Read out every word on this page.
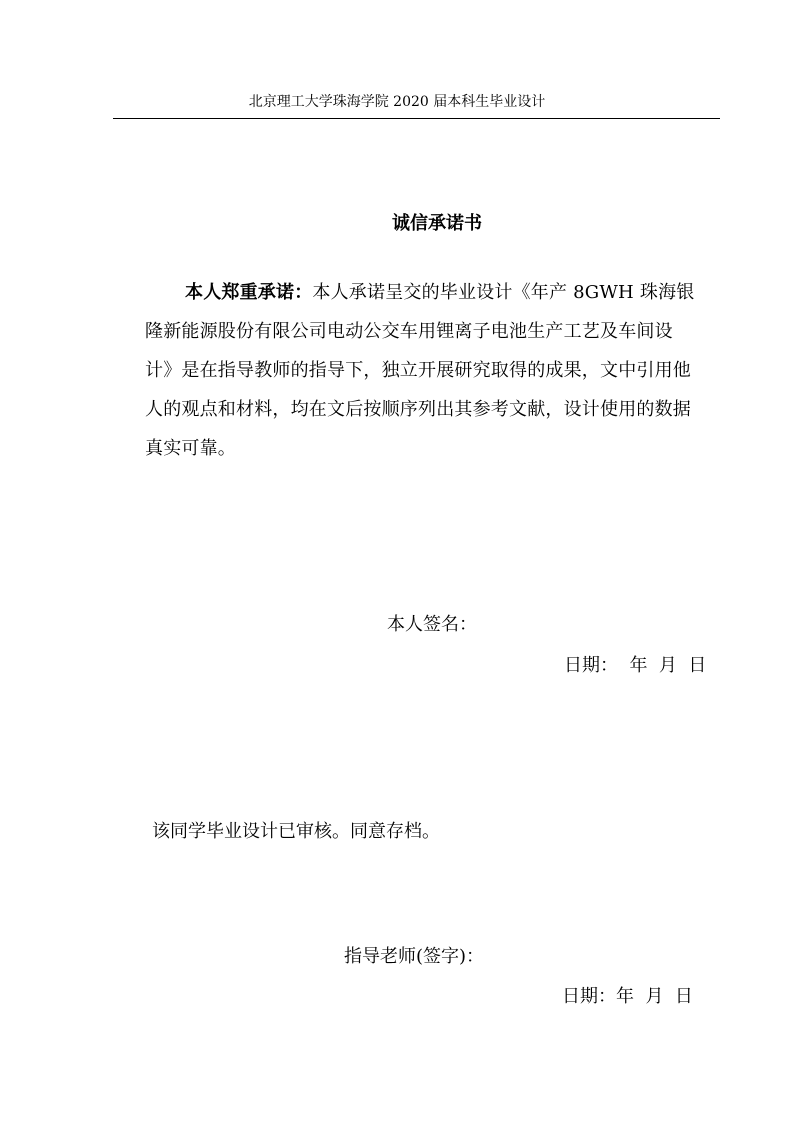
北京理工大学珠海学院 2020 届本科生毕业设计
诚信承诺书
本人郑重承诺：本人承诺呈交的毕业设计《年产 8GWH 珠海银隆新能源股份有限公司电动公交车用锂离子电池生产工艺及车间设计》是在指导教师的指导下，独立开展研究取得的成果，文中引用他人的观点和材料，均在文后按顺序列出其参考文献，设计使用的数据真实可靠。
本人签名：
日期：  年  月  日
该同学毕业设计已审核。同意存档。
指导老师(签字)：
日期：年  月  日
